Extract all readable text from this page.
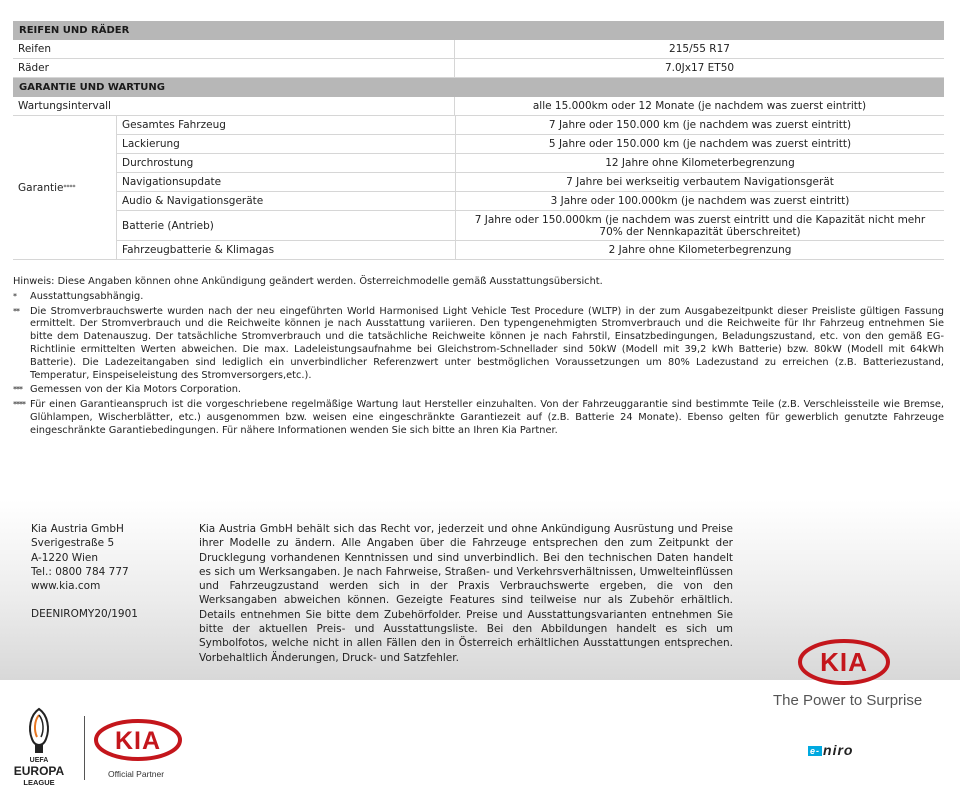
REIFEN UND RÄDER
Reifen	215/55 R17
Räder	7.0Jx17 ET50
GARANTIE UND WARTUNG
Wartungsintervall	alle 15.000km oder 12 Monate (je nachdem was zuerst eintritt)
Garantie ****
Gesamtes Fahrzeug	7 Jahre oder 150.000 km (je nachdem was zuerst eintritt)
Lackierung	5 Jahre oder 150.000 km (je nachdem was zuerst eintritt)
Durchrostung	12 Jahre ohne Kilometerbegrenzung
Navigationsupdate	7 Jahre bei werkseitig verbautem Navigationsgerät
Audio & Navigationsgeräte	3 Jahre oder 100.000km (je nachdem was zuerst eintritt)
Batterie (Antrieb)	7 Jahre oder 150.000km (je nachdem was zuerst eintritt und die Kapazität nicht mehr 70% der Nennkapazität überschreitet)
Fahrzeugbatterie & Klimagas	2 Jahre ohne Kilometerbegrenzung

Hinweis: Diese Angaben können ohne Ankündigung geändert werden. Österreichmodelle gemäß Ausstattungsübersicht.

*	Ausstattungsabhängig.
**	Die Stromverbrauchswerte wurden nach der neu eingeführten World Harmonised Light Vehicle Test Procedure (WLTP) in der zum Ausgabezeitpunkt dieser Preisliste gültigen Fassung ermittelt. Der Stromverbrauch und die Reichweite können je nach Ausstattung variieren. Den typengenehmigten Stromverbrauch und die Reichweite für Ihr Fahrzeug entnehmen Sie bitte dem Datenauszug. Der tatsächliche Stromverbrauch und die tatsächliche Reichweite können je nach Fahrstil, Einsatzbedingungen, Beladungszustand, etc. von den gemäß EG-Richtlinie ermittelten Werten abweichen. Die max. Ladeleistungsaufnahme bei Gleichstrom-Schnellader sind 50kW (Modell mit 39,2 kWh Batterie) bzw. 80kW (Modell mit 64kWh Batterie). Die Ladezeitangaben sind lediglich ein unverbindlicher Referenzwert unter bestmöglichen Voraussetzungen um 80% Ladezustand zu erreichen (z.B. Batteriezustand, Temperatur, Einspeiseleistung des Stromversorgers,etc.).
*** Gemessen von der Kia Motors Corporation.
**** Für einen Garantieanspruch ist die vorgeschriebene regelmäßige Wartung laut Hersteller einzuhalten. Von der Fahrzeuggarantie sind bestimmte Teile (z.B. Verschleissteile wie Bremse, Glühlampen, Wischerblätter, etc.) ausgenommen bzw. weisen eine eingeschränkte Garantiezeit auf (z.B. Batterie 24 Monate). Ebenso gelten für gewerblich genutzte Fahrzeuge eingeschränkte Garantiebedingungen. Für nähere Informationen wenden Sie sich bitte an Ihren Kia Partner.
Kia Austria GmbH
Sverigestraße 5
A-1220 Wien
Tel.: 0800 784 777
www.kia.com
DEENIROMY20/1901
Kia Austria GmbH behält sich das Recht vor, jederzeit und ohne Ankündigung Ausrüstung und Preise ihrer Modelle zu ändern. Alle Angaben über die Fahrzeuge entsprechen den zum Zeitpunkt der Drucklegung vorhandenen Kenntnissen und sind unverbindlich. Bei den technischen Daten handelt es sich um Werksangaben. Je nach Fahrweise, Straßen- und Verkehrsverhältnissen, Umweltеinflüssen und Fahrzeugzustand werden sich in der Praxis Verbrauchswerte ergeben, die von den Werksangaben abweichen können. Gezeigte Features sind teilweise nur als Zubehör erhältlich. Details entnehmen Sie bitte dem Zubehörfolder. Preise und Ausstattungsvarianten entnehmen Sie bitte der aktuellen Preis- und Ausstattungsliste. Bei den Abbildungen handelt es sich um Symbolfotos, welche nicht in allen Fällen den in Österreich erhältlichen Ausstattungen entsprechen. Vorbehaltlich Änderungen, Druck- und Satzfehler.	KIA
The Power to Surprise
e- niro
UEFA
EUROPA
LEAGUE
KIA
Official Partner
